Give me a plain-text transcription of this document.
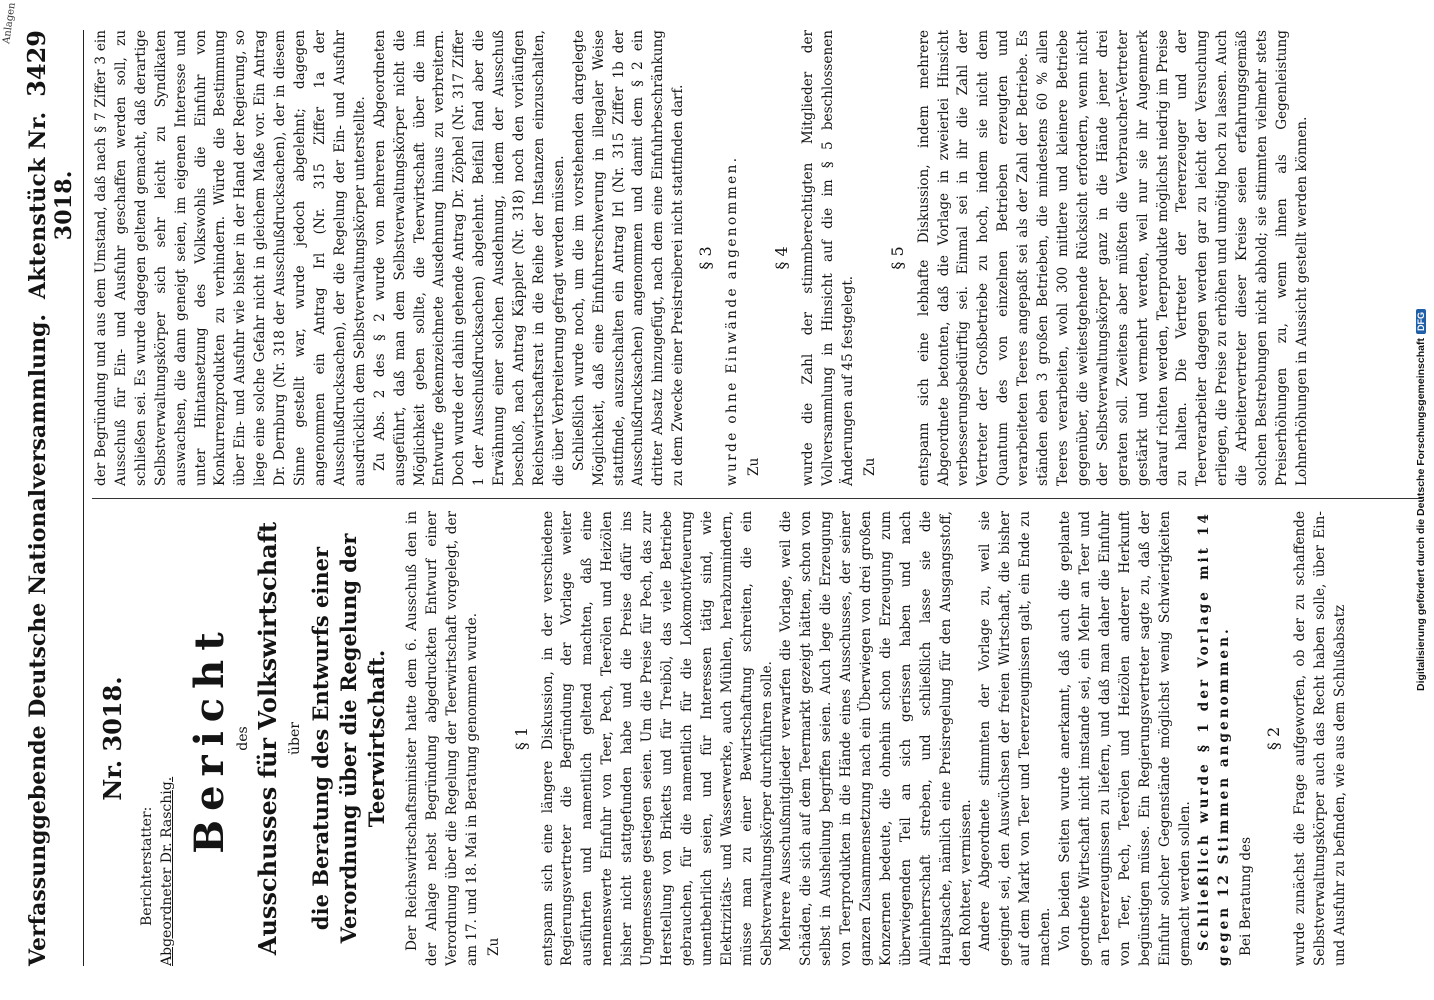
Anlagen
Verfassunggebende Deutsche Nationalversammlung.
Aktenstück Nr. 3018.
3429
Nr. 3018.
Berichterstatter: Abgeordneter Dr. Raschig.
Bericht des Ausschusses für Volkswirtschaft über die Beratung des Entwurfs einer Verordnung über die Regelung der Teerwirtschaft. Der Reichswirtschaftsminister hatte dem 6. Ausschuß den in der Anlage nebst Begründung abgedruckten Entwurf einer Verordnung über die Regelung der Teerwirtschaft vorgelegt, der am 17. und 18. Mai in Beratung genommen wurde. Zu
§ 1 entspann sich eine längere Diskussion, in der verschiedene Regierungsvertreter die Begründung der Vorlage weiter ausführten und namentlich geltend machten, daß eine nennenswerte Einfuhr von Teer, Pech, Teerölen und Heizölen bisher nicht stattgefunden habe und die Preise dafür ins Ungemessene gestiegen seien. Um die Preise für Pech, das zur Herstellung von Briketts und für Treiböl, das viele Betriebe gebrauchen, für die namentlich für die Lokomotivfeuerung unentbehrlich seien, und für Interessen tätig sind, wie Elektrizitäts- und Wasserwerke, auch Mühlen, herabzumindern, müsse man zu einer Bewirtschaftung schreiten, die ein Selbstverwaltungskörper durchführen solle. Mehrere Ausschußmitglieder verwarfen die Vorlage, weil die Schäden, die sich auf dem Teermarkt gezeigt hätten, schon von selbst in Ausheilung begriffen seien. Auch lege die Erzeugung von Teerprodukten in die Hände eines Ausschusses, der seiner ganzen Zusammensetzung nach ein Überwiegen von drei großen Konzernen bedeute, die ohnehin schon die Erzeugung zum überwiegenden Teil an sich gerissen haben und nach Alleinherrschaft streben, und schließlich lasse sie die Hauptsache, nämlich eine Preisregelung für den Ausgangsstoff, den Rohteer, vermissen. Andere Abgeordnete stimmten der Vorlage zu, weil sie geeignet sei, den Auswüchsen der freien Wirtschaft, die bisher auf dem Markt von Teer und Teererzeugnissen galt, ein Ende zu machen. Von beiden Seiten wurde anerkannt, daß auch die geplante geordnete Wirtschaft nicht imstande sei, ein Mehr an Teer und an Teererzeugnissen zu liefern, und daß man daher die Einfuhr von Teer, Pech, Teerölen und Heizölen anderer Herkunft begünstigen müsse. Ein Regierungsvertreter sagte zu, daß der Einfuhr solcher Gegenstände möglichst wenig Schwierigkeiten gemacht werden sollen. Schließlich wurde § 1 der Vorlage mit 14 gegen 12 Stimmen angenommen. Bei Beratung des
§ 2 wurde zunächst die Frage aufgeworfen, ob der zu schaffende Selbstverwaltungskörper auch das Recht haben solle, über Ein- und Ausfuhr zu befinden, wie aus dem Schlußabsatz

der Begründung und aus dem Umstand, daß nach § 7 Ziffer 3 ein Ausschuß für Ein- und Ausfuhr geschaffen werden soll, zu schließen sei. Es wurde dagegen geltend gemacht, daß derartige Selbstverwaltungskörper sich sehr leicht zu Syndikaten auswachsen, die dann geneigt seien, im eigenen Interesse und unter Hintansetzung des Volkswohls die Einfuhr von Konkurrenzprodukten zu verhindern. Würde die Bestimmung über Ein- und Ausfuhr wie bisher in der Hand der Regierung, so liege eine solche Gefahr nicht in gleichem Maße vor. Ein Antrag Dr. Dernburg (Nr. 318 der Ausschußdrucksachen), der in diesem Sinne gestellt war, wurde jedoch abgelehnt; dagegen angenommen ein Antrag Irl (Nr. 315 Ziffer 1a der Ausschußdrucksachen), der die Regelung der Ein- und Ausfuhr ausdrücklich dem Selbstverwaltungskörper unterstellte. Zu Abs. 2 des § 2 wurde von mehreren Abgeordneten ausgeführt, daß man dem Selbstverwaltungskörper nicht die Möglichkeit geben sollte, die Teerwirtschaft über die im Entwurfe gekennzeichnete Ausdehnung hinaus zu verbreitern. Doch wurde der dahin gehende Antrag Dr. Zöphel (Nr. 317 Ziffer 1 der Ausschußdrucksachen) abgelehnt. Beifall fand aber die Erwähnung einer solchen Ausdehnung, indem der Ausschuß beschloß, nach Antrag Käppler (Nr. 318) noch den vorläufigen Reichswirtschaftsrat in die Reihe der Instanzen einzuschalten, die über Verbreiterung gefragt werden müssen. Schließlich wurde noch, um die im vorstehenden dargelegte Möglichkeit, daß eine Einfuhrerschwerung in illegaler Weise stattfinde, auszuschalten ein Antrag Irl (Nr. 315 Ziffer 1b der Ausschußdrucksachen) angenommen und damit dem § 2 ein dritter Absatz hinzugefügt, nach dem eine Einfuhrbeschränkung zu dem Zwecke einer Preistreiberei nicht stattfinden darf. § 3 wurde ohne Einwände angenommen. Zu
§ 4 wurde die Zahl der stimmberechtigten Mitglieder der Vollversammlung in Hinsicht auf die im § 5 beschlossenen Änderungen auf 45 festgelegt. Zu
§ 5 entspann sich eine lebhafte Diskussion, indem mehrere Abgeordnete betonten, daß die Vorlage in zweierlei Hinsicht verbesserungsbedürftig sei. Einmal sei in ihr die Zahl der Vertreter der Großbetriebe zu hoch, indem sie nicht dem Quantum des von einzelnen Betrieben erzeugten und verarbeiteten Teeres angepaßt sei als der Zahl der Betriebe. Es ständen eben 3 großen Betrieben, die mindestens 60 % allen Teeres verarbeiten, wohl 300 mittlere und kleinere Betriebe gegenüber, die weitestgehende Rücksicht erfordern, wenn nicht der Selbstverwaltungskörper ganz in die Hände jener drei geraten soll. Zweitens aber müßten die Verbraucher-Vertreter gestärkt und vermehrt werden, weil nur sie ihr Augenmerk darauf richten werden, Teerprodukte möglichst niedrig im Preise zu halten. Die Vertreter der Teererzeuger und der Teerverarbeiter dagegen werden gar zu leicht der Versuchung erliegen, die Preise zu erhöhen und unnötig hoch zu lassen. Auch die Arbeitervertreter dieser Kreise seien erfahrungsgemäß solchen Bestrebungen nicht abhold; sie stimmten vielmehr stets Preiserhöhungen zu, wenn ihnen als Gegenleistung Lohnerhöhungen in Aussicht gestellt werden können.

Digitalisierung gefördert durch die Deutsche Forschungsgemeinschaft
DFG
